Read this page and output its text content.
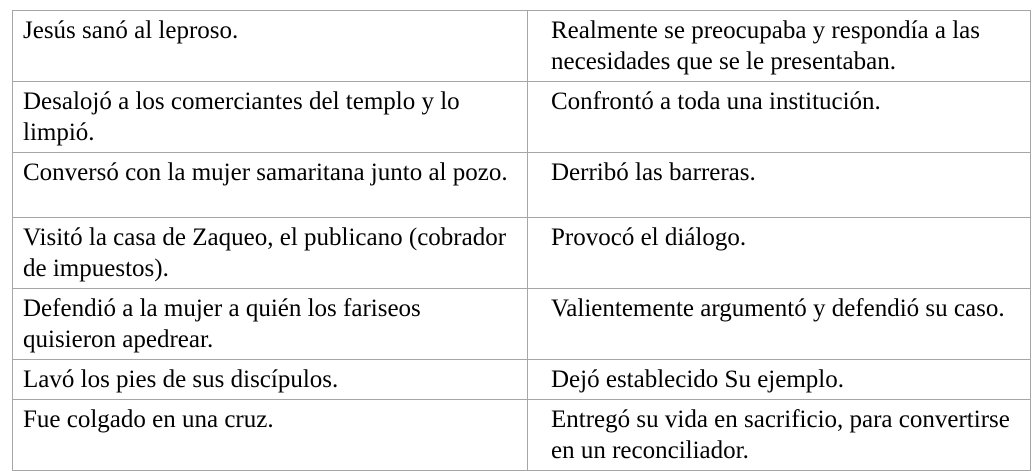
Jesús sanó al leproso.	Realmente se preocupaba y respondía a las necesidades que se le presentaban.
Desalojó a los comerciantes del templo y lo limpió.	Confrontó a toda una institución.
Conversó con la mujer samaritana junto al pozo.	Derribó las barreras.
Visitó la casa de Zaqueo, el publicano (cobrador de impuestos).	Provocó el diálogo.
Defendió a la mujer a quién los fariseos quisieron apedrear.	Valientemente argumentó y defendió su caso.
Lavó los pies de sus discípulos.	Dejó establecido Su ejemplo.
Fue colgado en una cruz.	Entregó su vida en sacrificio, para convertirse en un reconciliador.
